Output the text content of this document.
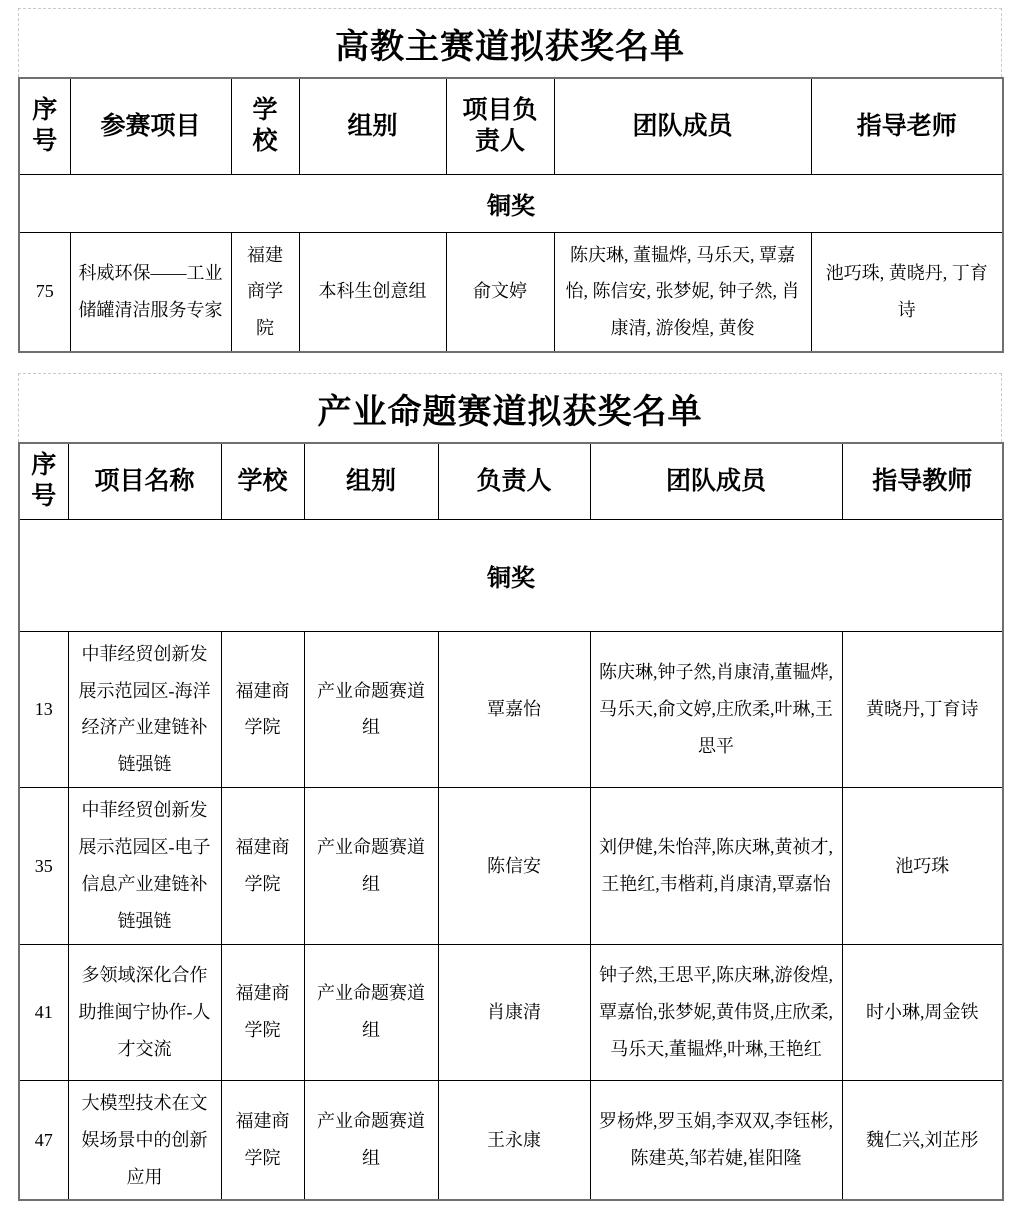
高教主赛道拟获奖名单
序号	参赛项目	学校	组别	项目负责人	团队成员	指导老师
铜奖						
75	科威环保——工业储罐清洁服务专家	福建商学院	本科生创意组	俞文婷	陈庆琳, 董韫烨, 马乐天, 覃嘉怡, 陈信安, 张梦妮, 钟子然, 肖康清, 游俊煌, 黄俊	池巧珠, 黄晓丹, 丁育诗
产业命题赛道拟获奖名单
序号	项目名称	学校	组别	负责人	团队成员	指导教师
铜奖						
13	中菲经贸创新发展示范园区-海洋经济产业建链补链强链	福建商学院	产业命题赛道组	覃嘉怡	陈庆琳,钟子然,肖康清,董韫烨,马乐天,俞文婷,庄欣柔,叶琳,王思平	黄晓丹,丁育诗
35	中菲经贸创新发展示范园区-电子信息产业建链补链强链	福建商学院	产业命题赛道组	陈信安	刘伊健,朱怡萍,陈庆琳,黄祯才,王艳红,韦楷莉,肖康清,覃嘉怡	池巧珠
41	多领域深化合作助推闽宁协作-人才交流	福建商学院	产业命题赛道组	肖康清	钟子然,王思平,陈庆琳,游俊煌,覃嘉怡,张梦妮,黄伟贤,庄欣柔,马乐天,董韫烨,叶琳,王艳红	时小琳,周金铁
47	大模型技术在文娱场景中的创新应用	福建商学院	产业命题赛道组	王永康	罗杨烨,罗玉娟,李双双,李钰彬,陈建英,邹若婕,崔阳隆	魏仁兴,刘芷彤
